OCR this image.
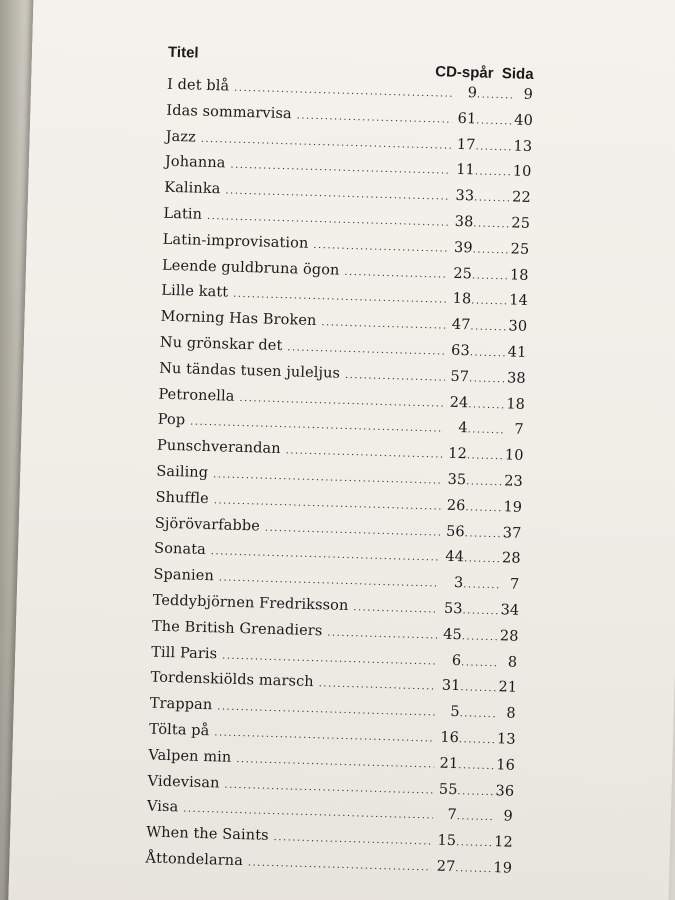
Titel
CD-spår Sida
I det blå .....	9 .....	9
Idas sommarvisa .....	61 .....	40
Jazz .....	17 .....	13
Johanna .....	11 .....	10
Kalinka .....	33 .....	22
Latin .....	38 .....	25
Latin-improvisation .....	39 .....	25
Leende guldbruna ögon .....	25 .....	18
Lille katt .....	18 .....	14
Morning Has Broken .....	47 .....	30
Nu grönskar det .....	63 .....	41
Nu tändas tusen juleljus .....	57 .....	38
Petronella .....	24 .....	18
Pop .....	4 .....	7
Punschverandan .....	12 .....	10
Sailing .....	35 .....	23
Shuffle .....	26 .....	19
Sjörövarfabbe .....	56 .....	37
Sonata .....	44 .....	28
Spanien .....	3 .....	7
Teddybjörnen Fredriksson .....	53 .....	34
The British Grenadiers .....	45 .....	28
Till Paris .....	6 .....	8
Tordenskiölds marsch .....	31 .....	21
Trappan .....	5 .....	8
Tölta på .....	16 .....	13
Valpen min .....	21 .....	16
Videvisan .....	55 .....	36
Visa .....	7 .....	9
When the Saints .....	15 .....	12
Åttondelarna .....	27 .....	19
